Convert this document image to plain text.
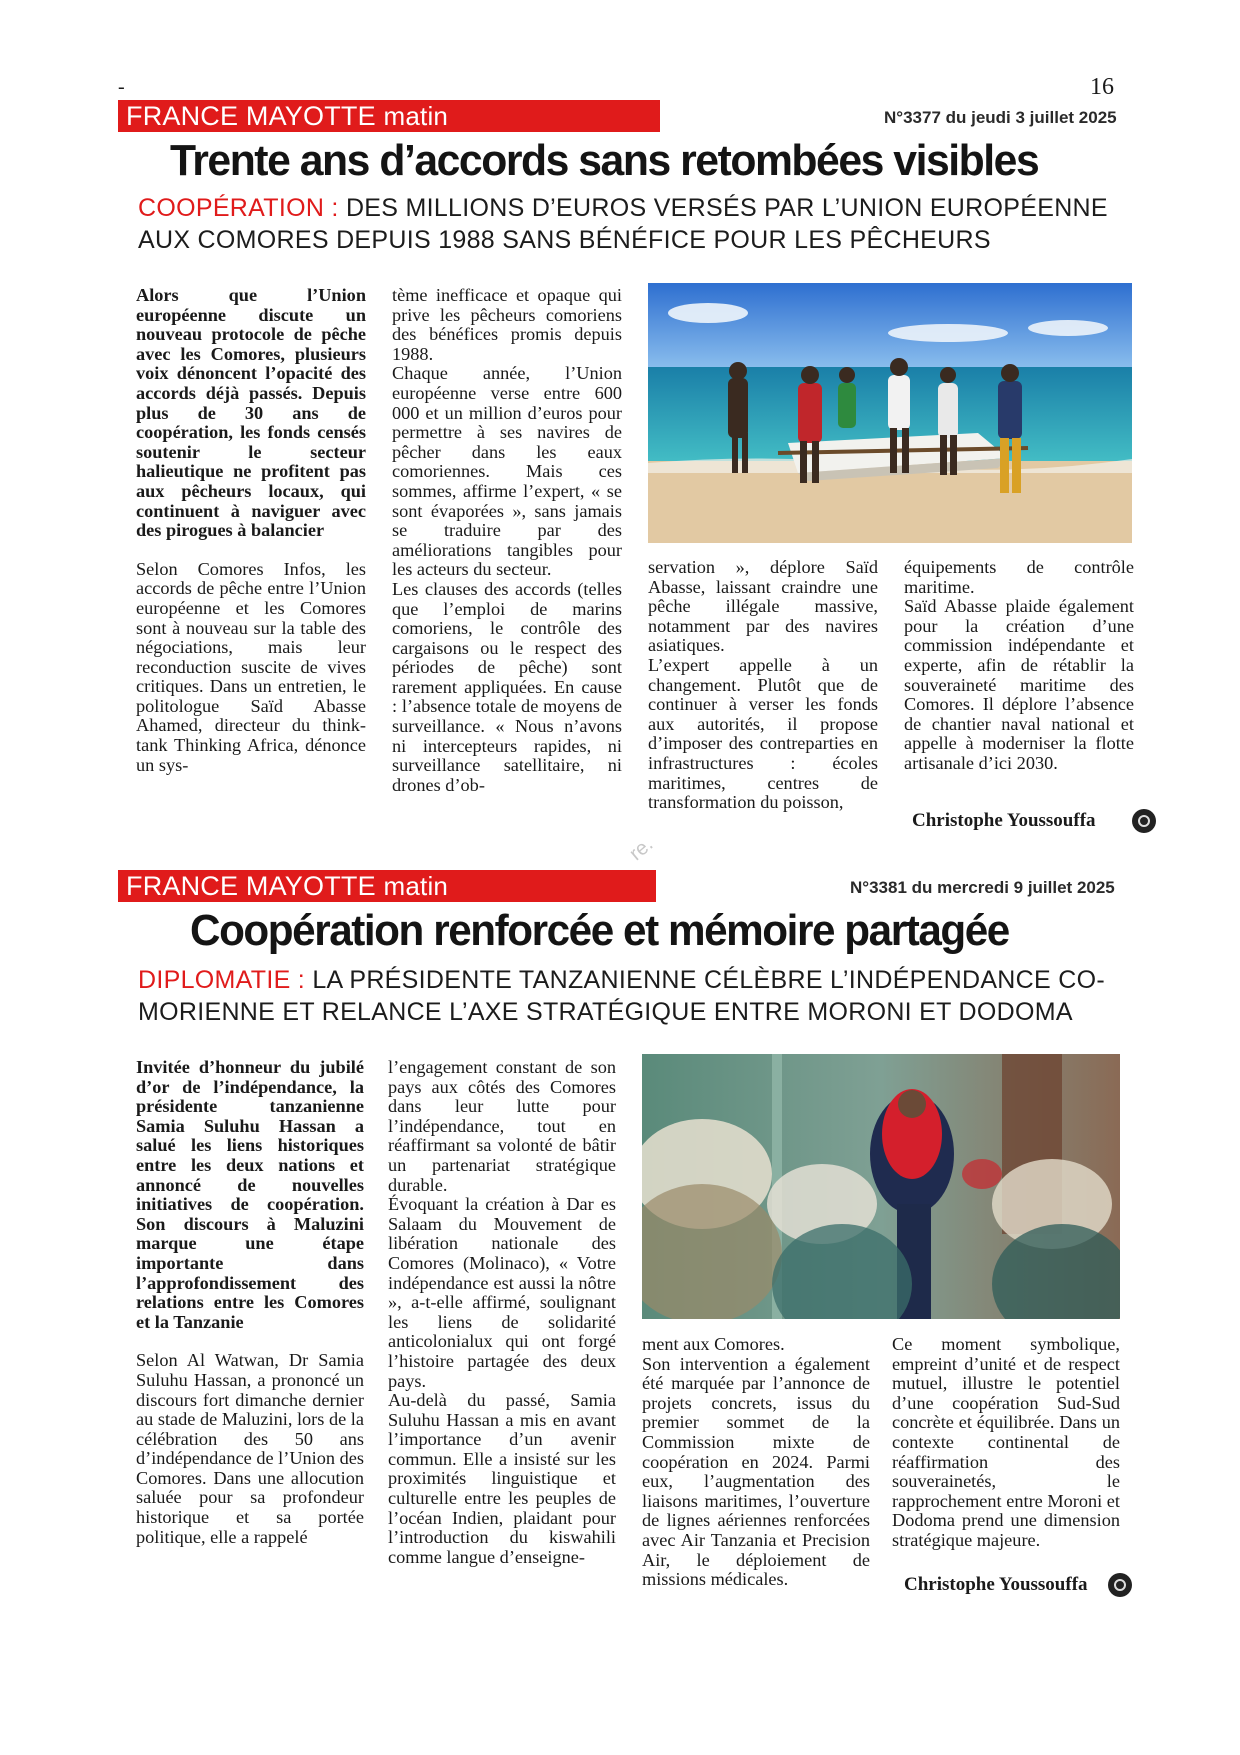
-	16
FRANCE MAYOTTE matin	N°3377 du jeudi 3 juillet 2025
Trente ans d’accords sans retombées visibles
COOPÉRATION : DES MILLIONS D’EUROS VERSÉS PAR L’UNION EUROPÉENNE
AUX COMORES DEPUIS 1988 SANS BÉNÉFICE POUR LES PÊCHEURS

Alors que l’Union européenne discute un nouveau protocole de pêche avec les Comores, plusieurs voix dénoncent l’opacité des accords déjà passés. Depuis plus de 30 ans de coopération, les fonds censés soutenir le secteur halieutique ne profitent pas aux pêcheurs locaux, qui continuent à naviguer avec des pirogues à balancier

Selon Comores Infos, les accords de pêche entre l’Union européenne et les Comores sont à nouveau sur la table des négociations, mais leur reconduction suscite de vives critiques. Dans un entretien, le politologue Saïd Abasse Ahamed, directeur du think-tank Thinking Africa, dénonce un sys-

tème inefficace et opaque qui prive les pêcheurs comoriens des bénéfices promis depuis 1988.

Chaque année, l’Union européenne verse entre 600 000 et un million d’euros pour permettre à ses navires de pêcher dans les eaux comoriennes. Mais ces sommes, affirme l’expert, « se sont évaporées », sans jamais se traduire par des améliorations tangibles pour les acteurs du secteur.

Les clauses des accords (telles que l’emploi de marins comoriens, le contrôle des cargaisons ou le respect des périodes de pêche) sont rarement appliquées. En cause : l’absence totale de moyens de surveillance. « Nous n’avons ni intercepteurs rapides, ni surveillance satellitaire, ni drones d’ob-

servation », déplore Saïd Abasse, laissant craindre une pêche illégale massive, notamment par des navires asiatiques.

L’expert appelle à un changement. Plutôt que de continuer à verser les fonds aux autorités, il propose d’imposer des contreparties en infrastructures : écoles maritimes, centres de transformation du poisson,

équipements de contrôle maritime.

Saïd Abasse plaide également pour la création d’une commission indépendante et experte, afin de rétablir la souveraineté maritime des Comores. Il déplore l’absence de chantier naval national et appelle à moderniser la flotte artisanale d’ici 2030.

Christophe Youssouffa
re.
FRANCE MAYOTTE matin	N°3381 du mercredi 9 juillet 2025
Coopération renforcée et mémoire partagée
DIPLOMATIE : LA PRÉSIDENTE TANZANIENNE CÉLÈBRE L’INDÉPENDANCE CO-
MORIENNE ET RELANCE L’AXE STRATÉGIQUE ENTRE MORONI ET DODOMA

Invitée d’honneur du jubilé d’or de l’indépendance, la présidente tanzanienne Samia Suluhu Hassan a salué les liens historiques entre les deux nations et annoncé de nouvelles initiatives de coopération. Son discours à Maluzini marque une étape importante dans l’approfondissement des relations entre les Comores et la Tanzanie

Selon Al Watwan, Dr Samia Suluhu Hassan, a prononcé un discours fort dimanche dernier au stade de Maluzini, lors de la célébration des 50 ans d’indépendance de l’Union des Comores. Dans une allocution saluée pour sa profondeur historique et sa portée politique, elle a rappelé

l’engagement constant de son pays aux côtés des Comores dans leur lutte pour l’indépendance, tout en réaffirmant sa volonté de bâtir un partenariat stratégique durable.

Évoquant la création à Dar es Salaam du Mouvement de libération nationale des Comores (Molinaco), « Votre indépendance est aussi la nôtre », a-t-elle affirmé, soulignant les liens de solidarité anticolonialux qui ont forgé l’histoire partagée des deux pays.

Au-delà du passé, Samia Suluhu Hassan a mis en avant l’importance d’un avenir commun. Elle a insisté sur les proximités linguistique et culturelle entre les peuples de l’océan Indien, plaidant pour l’introduction du kiswahili comme langue d’enseigne-

ment aux Comores.

Son intervention a également été marquée par l’annonce de projets concrets, issus du premier sommet de la Commission mixte de coopération en 2024. Parmi eux, l’augmentation des liaisons maritimes, l’ouverture de lignes aériennes renforcées avec Air Tanzania et Precision Air, le déploiement de missions médicales.

Ce moment symbolique, empreint d’unité et de respect mutuel, illustre le potentiel d’une coopération Sud-Sud concrète et équilibrée. Dans un contexte continental de réaffirmation des souverainetés, le rapprochement entre Moroni et Dodoma prend une dimension stratégique majeure.

Christophe Youssouffa
